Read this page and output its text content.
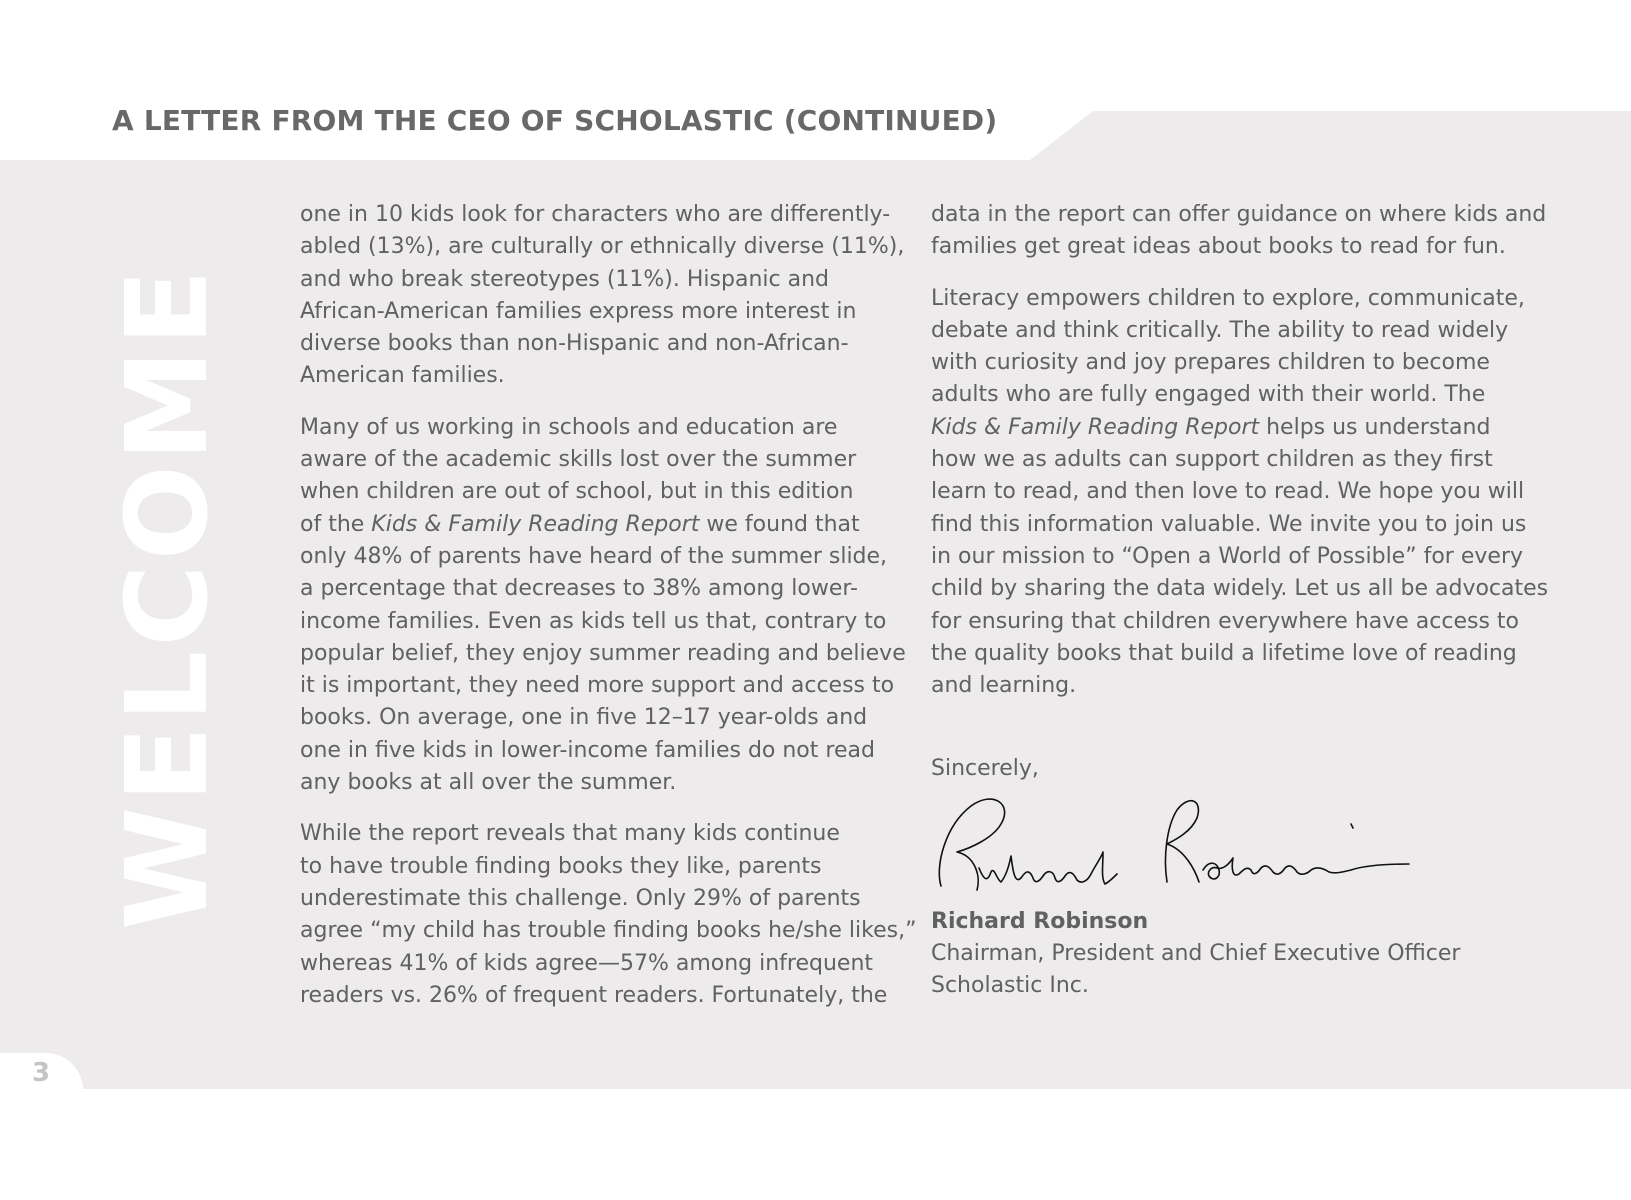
A LETTER FROM THE CEO OF SCHOLASTIC (CONTINUED)
WELCOME

one in 10 kids look for characters who are differently-
abled (13%), are culturally or ethnically diverse (11%),
and who break stereotypes (11%). Hispanic and
African-American families express more interest in
diverse books than non-Hispanic and non-African-
American families.

Many of us working in schools and education are
aware of the academic skills lost over the summer
when children are out of school, but in this edition
of the Kids & Family Reading Report we found that
only 48% of parents have heard of the summer slide,
a percentage that decreases to 38% among lower-
income families. Even as kids tell us that, contrary to
popular belief, they enjoy summer reading and believe
it is important, they need more support and access to
books. On average, one in five 12–17 year-olds and
one in five kids in lower-income families do not read
any books at all over the summer.

While the report reveals that many kids continue
to have trouble finding books they like, parents
underestimate this challenge. Only 29% of parents
agree “my child has trouble finding books he/she likes,”
whereas 41% of kids agree—57% among infrequent
readers vs. 26% of frequent readers. Fortunately, the

data in the report can offer guidance on where kids and
families get great ideas about books to read for fun.

Literacy empowers children to explore, communicate,
debate and think critically. The ability to read widely
with curiosity and joy prepares children to become
adults who are fully engaged with their world. The
Kids & Family Reading Report helps us understand
how we as adults can support children as they first
learn to read, and then love to read. We hope you will
find this information valuable. We invite you to join us
in our mission to “Open a World of Possible” for every
child by sharing the data widely. Let us all be advocates
for ensuring that children everywhere have access to
the quality books that build a lifetime love of reading
and learning.

Sincerely,

Richard Robinson

Chairman, President and Chief Executive Officer

Scholastic Inc.

3
